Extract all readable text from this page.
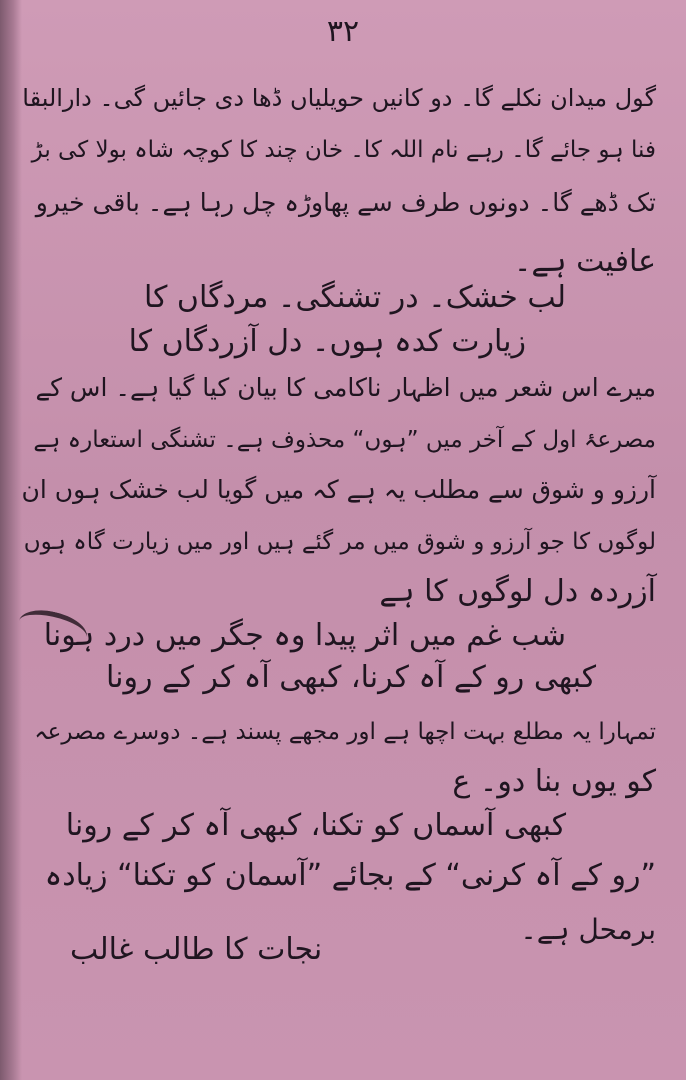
۳۲
گول میدان نکلے گا۔ دو کانیں حویلیاں ڈھا دی جائیں گی۔ دارالبقا
فنا ہو جائے گا۔ رہے نام اللہ کا۔ خان چند کا کوچہ شاہ بولا کی بڑ
تک ڈھے گا۔ دونوں طرف سے پھاوڑہ چل رہا ہے۔ باقی خیرو
عافیت ہے۔
لب خشک۔ در تشنگی۔ مردگاں کا
زیارت کدہ ہوں۔ دل آزردگاں کا
میرے اس شعر میں اظہار ناکامی کا بیان کیا گیا ہے۔ اس کے
مصرعۂ اول کے آخر میں ”ہوں“ محذوف ہے۔ تشنگی استعارہ ہے
آرزو و شوق سے مطلب یہ ہے کہ میں گویا لب خشک ہوں ان
لوگوں کا جو آرزو و شوق میں مر گئے ہیں اور میں زیارت گاہ ہوں
آزردہ دل لوگوں کا ہے
شب غم میں اثر پیدا وہ جگر میں درد ہونا
کبھی رو کے آہ کرنا، کبھی آہ کر کے رونا
تمہارا یہ مطلع بہت اچھا ہے اور مجھے پسند ہے۔ دوسرے مصرعہ
کو یوں بنا دو۔ ع
کبھی آسماں کو تکنا، کبھی آہ کر کے رونا
”رو کے آہ کرنی“ کے بجائے ”آسمان کو تکنا“ زیادہ
برمحل ہے۔
نجات کا طالب غالب
